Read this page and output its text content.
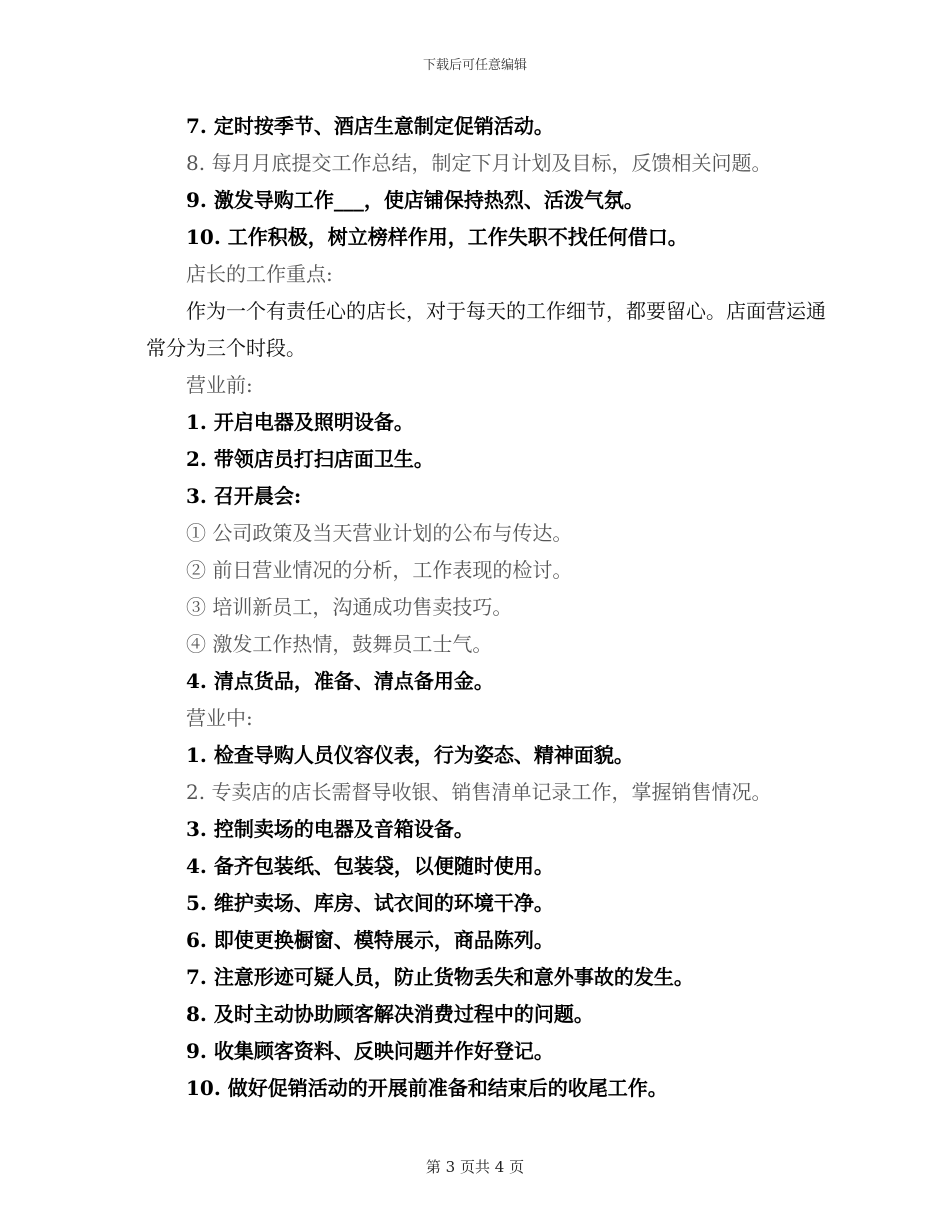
下载后可任意编辑
7. 定时按季节、酒店生意制定促销活动。
8. 每月月底提交工作总结，制定下月计划及目标，反馈相关问题。
9. 激发导购工作___，使店铺保持热烈、活泼气氛。
10. 工作积极，树立榜样作用，工作失职不找任何借口。
店长的工作重点:
作为一个有责任心的店长，对于每天的工作细节，都要留心。店面营运通常分为三个时段。
营业前:
1. 开启电器及照明设备。
2. 带领店员打扫店面卫生。
3. 召开晨会:
① 公司政策及当天营业计划的公布与传达。
② 前日营业情况的分析，工作表现的检讨。
③ 培训新员工，沟通成功售卖技巧。
④ 激发工作热情，鼓舞员工士气。
4. 清点货品，准备、清点备用金。
营业中:
1. 检查导购人员仪容仪表，行为姿态、精神面貌。
2. 专卖店的店长需督导收银、销售清单记录工作，掌握销售情况。
3. 控制卖场的电器及音箱设备。
4. 备齐包装纸、包装袋，以便随时使用。
5. 维护卖场、库房、试衣间的环境干净。
6. 即使更换橱窗、模特展示，商品陈列。
7. 注意形迹可疑人员，防止货物丢失和意外事故的发生。
8. 及时主动协助顾客解决消费过程中的问题。
9. 收集顾客资料、反映问题并作好登记。
10. 做好促销活动的开展前准备和结束后的收尾工作。
第 3 页共 4 页
